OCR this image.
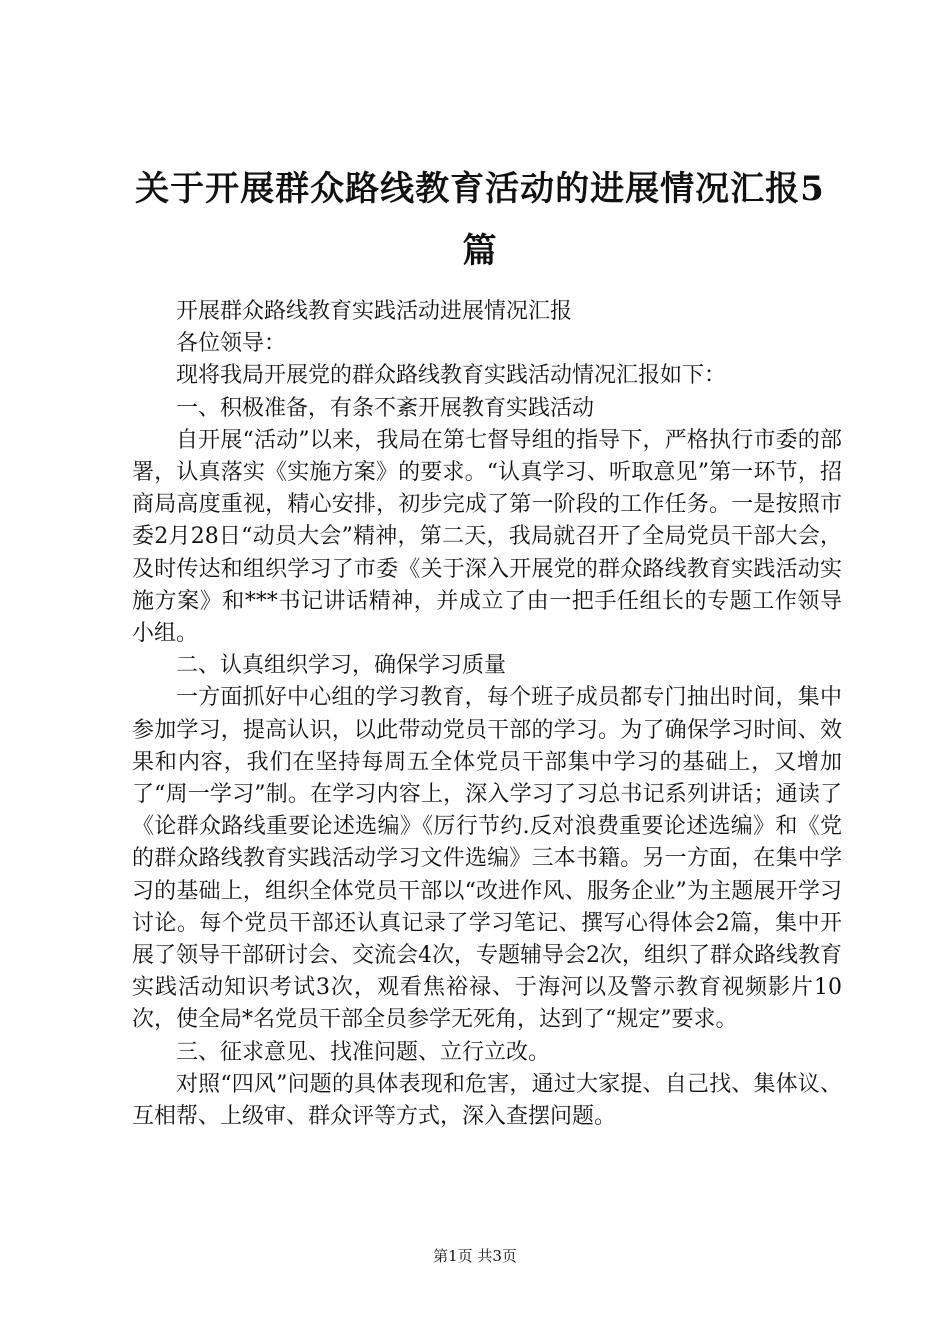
关于开展群众路线教育活动的进展情况汇报5篇

开展群众路线教育实践活动进展情况汇报

各位领导：

现将我局开展党的群众路线教育实践活动情况汇报如下：

一、积极准备，有条不紊开展教育实践活动

自开展“活动”以来，我局在第七督导组的指导下，严格执行市委的部署，认真落实《实施方案》的要求。“认真学习、听取意见”第一环节，招商局高度重视，精心安排，初步完成了第一阶段的工作任务。一是按照市委2月28日“动员大会”精神，第二天，我局就召开了全局党员干部大会，及时传达和组织学习了市委《关于深入开展党的群众路线教育实践活动实施方案》和***书记讲话精神，并成立了由一把手任组长的专题工作领导小组。

二、认真组织学习，确保学习质量

一方面抓好中心组的学习教育，每个班子成员都专门抽出时间，集中参加学习，提高认识，以此带动党员干部的学习。为了确保学习时间、效果和内容，我们在坚持每周五全体党员干部集中学习的基础上，又增加了“周一学习”制。在学习内容上，深入学习了习总书记系列讲话；通读了《论群众路线重要论述选编》《厉行节约.反对浪费重要论述选编》和《党的群众路线教育实践活动学习文件选编》三本书籍。另一方面，在集中学习的基础上，组织全体党员干部以“改进作风、服务企业”为主题展开学习讨论。每个党员干部还认真记录了学习笔记、撰写心得体会2篇，集中开展了领导干部研讨会、交流会4次，专题辅导会2次，组织了群众路线教育实践活动知识考试3次，观看焦裕禄、于海河以及警示教育视频影片10次，使全局*名党员干部全员参学无死角，达到了“规定”要求。

三、征求意见、找准问题、立行立改。

对照“四风”问题的具体表现和危害，通过大家提、自己找、集体议、互相帮、上级审、群众评等方式，深入查摆问题。

第1页 共3页
